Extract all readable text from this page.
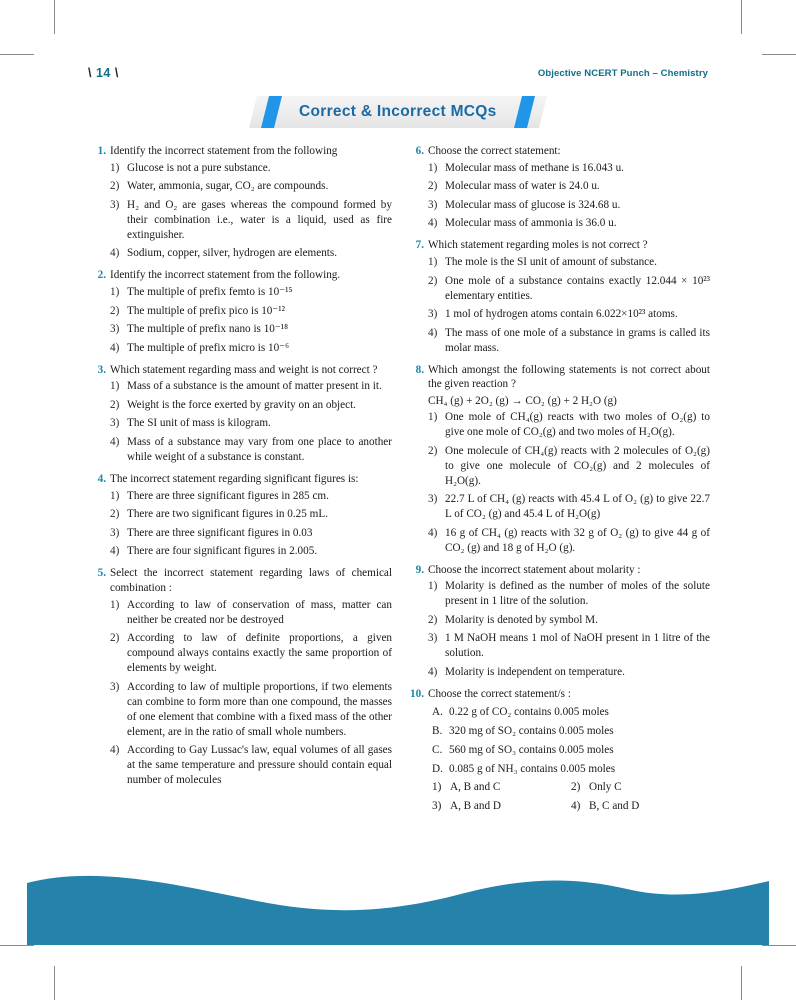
\ 14 \	Objective NCERT Punch – Chemistry
Correct & Incorrect MCQs
1. Identify the incorrect statement from the following
1) Glucose is not a pure substance.
2) Water, ammonia, sugar, CO₂ are compounds.
3) H₂ and O₂ are gases whereas the compound formed by their combination i.e., water is a liquid, used as fire extinguisher.
4) Sodium, copper, silver, hydrogen are elements.
2. Identify the incorrect statement from the following.
1) The multiple of prefix femto is 10⁻¹⁵
2) The multiple of prefix pico is 10⁻¹²
3) The multiple of prefix nano is 10⁻¹⁸
4) The multiple of prefix micro is 10⁻⁶
3. Which statement regarding mass and weight is not correct ?
1) Mass of a substance is the amount of matter present in it.
2) Weight is the force exerted by gravity on an object.
3) The SI unit of mass is kilogram.
4) Mass of a substance may vary from one place to another while weight of a substance is constant.
4. The incorrect statement regarding significant figures is:
1) There are three significant figures in 285 cm.
2) There are two significant figures in 0.25 mL.
3) There are three significant figures in 0.03
4) There are four significant figures in 2.005.
5. Select the incorrect statement regarding laws of chemical combination :
1) According to law of conservation of mass, matter can neither be created nor be destroyed
2) According to law of definite proportions, a given compound always contains exactly the same proportion of elements by weight.
3) According to law of multiple proportions, if two elements can combine to form more than one compound, the masses of one element that combine with a fixed mass of the other element, are in the ratio of small whole numbers.
4) According to Gay Lussac's law, equal volumes of all gases at the same temperature and pressure should contain equal number of molecules
6. Choose the correct statement:
1) Molecular mass of methane is 16.043 u.
2) Molecular mass of water is 24.0 u.
3) Molecular mass of glucose is 324.68 u.
4) Molecular mass of ammonia is 36.0 u.
7. Which statement regarding moles is not correct ?
1) The mole is the SI unit of amount of substance.
2) One mole of a substance contains exactly 12.044 × 10²³ elementary entities.
3) 1 mol of hydrogen atoms contain 6.022×10²³ atoms.
4) The mass of one mole of a substance in grams is called its molar mass.
8. Which amongst the following statements is not correct about the given reaction ?
CH₄ (g) + 2O₂ (g) → CO₂ (g) + 2 H₂O (g)
1) One mole of CH₄(g) reacts with two moles of O₂(g) to give one mole of CO₂(g) and two moles of H₂O(g).
2) One molecule of CH₄(g) reacts with 2 molecules of O₂(g) to give one molecule of CO₂(g) and 2 molecules of H₂O(g).
3) 22.7 L of CH₄ (g) reacts with 45.4 L of O₂ (g) to give 22.7 L of CO₂ (g) and 45.4 L of H₂O(g)
4) 16 g of CH₄ (g) reacts with 32 g of O₂ (g) to give 44 g of CO₂ (g) and 18 g of H₂O (g).
9. Choose the incorrect statement about molarity :
1) Molarity is defined as the number of moles of the solute present in 1 litre of the solution.
2) Molarity is denoted by symbol M.
3) 1 M NaOH means 1 mol of NaOH present in 1 litre of the solution.
4) Molarity is independent on temperature.
10. Choose the correct statement/s :
A. 0.22 g of CO₂ contains 0.005 moles
B. 320 mg of SO₂ contains 0.005 moles
C. 560 mg of SO₃ contains 0.005 moles
D. 0.085 g of NH₃ contains 0.005 moles
1) A, B and C	2) Only C
3) A, B and D	4) B, C and D
